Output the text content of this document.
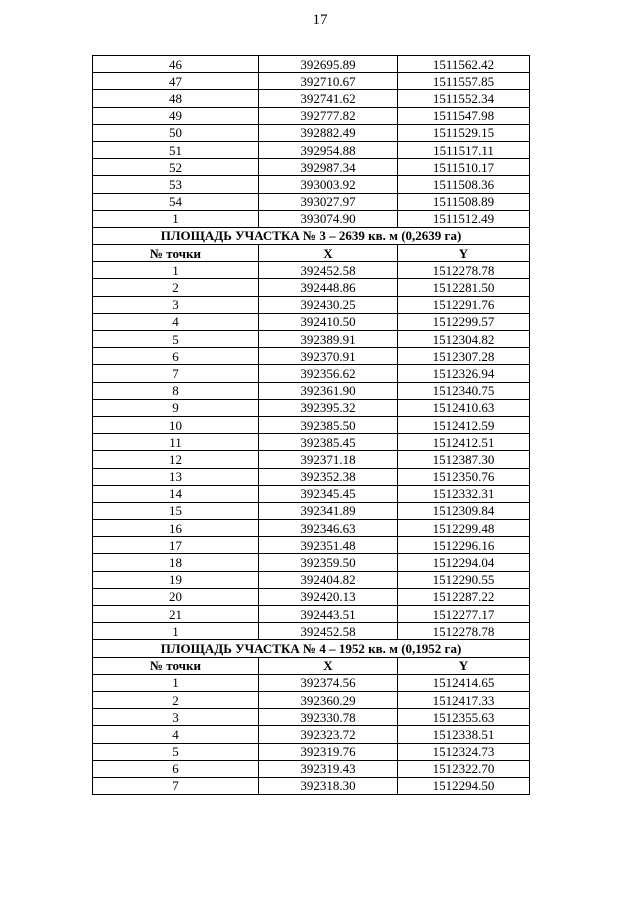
17
46	392695.89	1511562.42
47	392710.67	1511557.85
48	392741.62	1511552.34
49	392777.82	1511547.98
50	392882.49	1511529.15
51	392954.88	1511517.11
52	392987.34	1511510.17
53	393003.92	1511508.36
54	393027.97	1511508.89
1	393074.90	1511512.49
ПЛОЩАДЬ УЧАСТКА № 3 – 2639 кв. м (0,2639 га)		
№ точки	X	Y
1	392452.58	1512278.78
2	392448.86	1512281.50
3	392430.25	1512291.76
4	392410.50	1512299.57
5	392389.91	1512304.82
6	392370.91	1512307.28
7	392356.62	1512326.94
8	392361.90	1512340.75
9	392395.32	1512410.63
10	392385.50	1512412.59
11	392385.45	1512412.51
12	392371.18	1512387.30
13	392352.38	1512350.76
14	392345.45	1512332.31
15	392341.89	1512309.84
16	392346.63	1512299.48
17	392351.48	1512296.16
18	392359.50	1512294.04
19	392404.82	1512290.55
20	392420.13	1512287.22
21	392443.51	1512277.17
1	392452.58	1512278.78
ПЛОЩАДЬ УЧАСТКА № 4 – 1952 кв. м (0,1952 га)		
№ точки	X	Y
1	392374.56	1512414.65
2	392360.29	1512417.33
3	392330.78	1512355.63
4	392323.72	1512338.51
5	392319.76	1512324.73
6	392319.43	1512322.70
7	392318.30	1512294.50
